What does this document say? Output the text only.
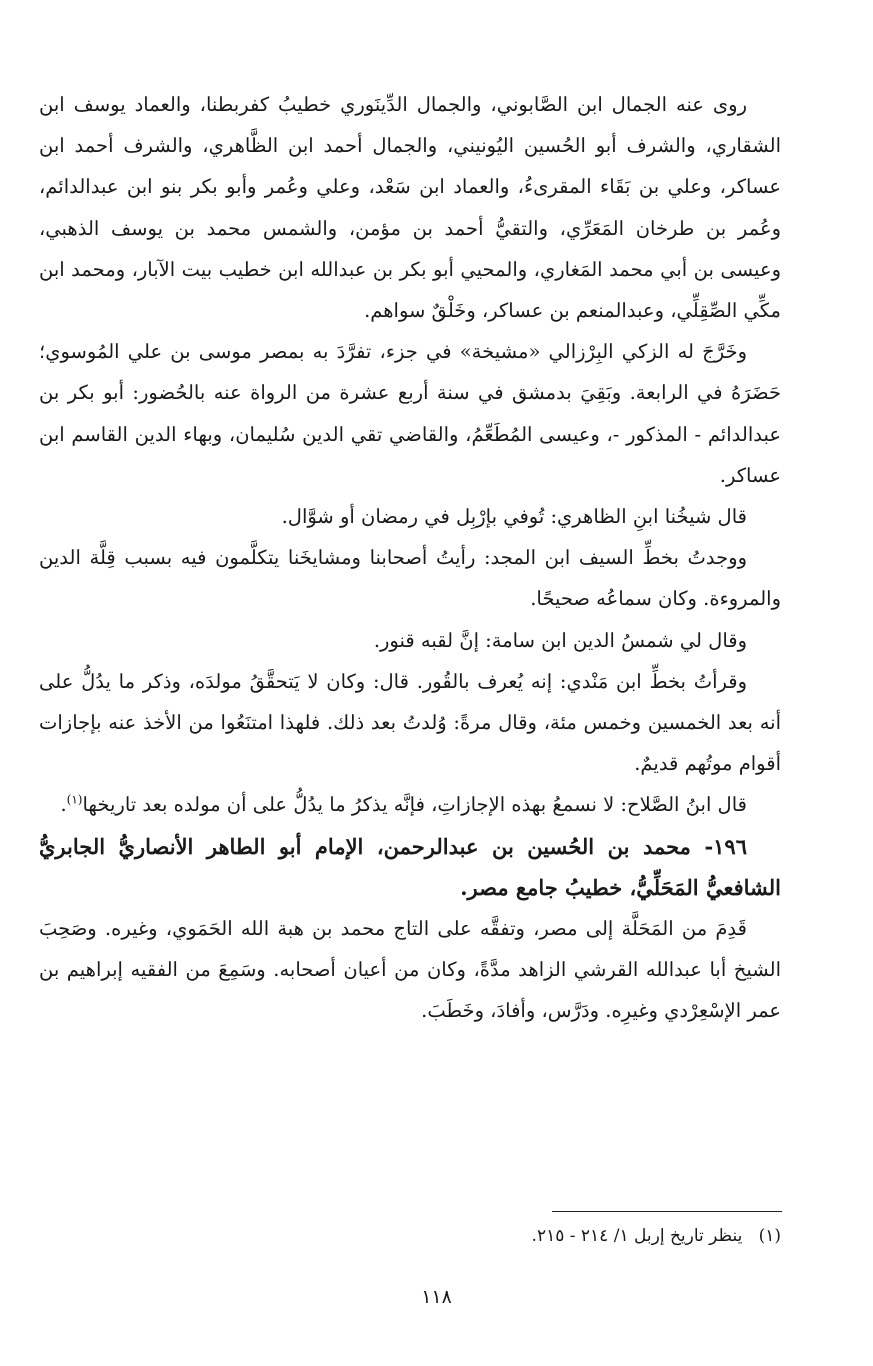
روى عنه الجمال ابن الصَّابوني، والجمال الدِّينَوري خطيبُ كفربطنا، والعماد يوسف ابن الشقاري، والشرف أبو الحُسين اليُونيني، والجمال أحمد ابن الظَّاهري، والشرف أحمد ابن عساكر، وعلي بن بَقَاء المقرىءُ، والعماد ابن سَعْد، وعلي وعُمر وأبو بكر بنو ابن عبدالدائم، وعُمر بن طرخان المَعَرِّي، والتقيُّ أحمد بن مؤمن، والشمس محمد بن يوسف الذهبي، وعيسى بن أبي محمد المَغاري، والمحيي أبو بكر بن عبدالله ابن خطيب بيت الآبار، ومحمد ابن مكِّي الصِّقِلِّي، وعبدالمنعم بن عساكر، وخَلْقٌ سواهم.

وخَرَّجَ له الزكي البِرْزالي «مشيخة» في جزء، تفرَّدَ به بمصر موسى بن علي المُوسوي؛ حَضَرَهُ في الرابعة. وبَقِيَ بدمشق في سنة أربع عشرة من الرواة عنه بالحُضور: أبو بكر بن عبدالدائم - المذكور -، وعيسى المُطَعِّمُ، والقاضي تقي الدين سُليمان، وبهاء الدين القاسم ابن عساكر.

قال شيخُنا ابنِ الظاهري: تُوفي بإرْبِل في رمضان أو شوَّال.

ووجدتُ بخطِّ السيف ابن المجد: رأيتُ أصحابنا ومشايخَنا يتكلَّمون فيه بسبب قِلَّة الدين والمروءة. وكان سماعُه صحيحًا.

وقال لي شمسُ الدين ابن سامة: إنَّ لقبه قنور.

وقرأتُ بخطِّ ابن مَنْدي: إنه يُعرف بالقُور. قال: وكان لا يَتحقَّقُ مولدَه، وذكر ما يدُلُّ على أنه بعد الخمسين وخمس مئة، وقال مرةً: وُلدتُ بعد ذلك. فلهذا امتنَعُوا من الأخذ عنه بإجازات أقوام موتُهم قديمٌ.

قال ابنُ الصَّلاح: لا نسمعُ بهذه الإجازاتِ، فإنَّه يذكرُ ما يدُلُّ على أن مولده بعد تاريخها$^{(١)}$.

١٩٦- محمد بن الحُسين بن عبدالرحمن، الإمام أبو الطاهر الأنصاريُّ الجابريُّ الشافعيُّ المَحَلِّيُّ، خطيبُ جامع مصر.

قَدِمَ من المَحَلَّة إلى مصر، وتفقَّه على التاج محمد بن هبة الله الحَمَوي، وغيره. وصَحِبَ الشيخ أبا عبدالله القرشي الزاهد مدَّةً، وكان من أعيان أصحابه. وسَمِعَ من الفقيه إبراهيم بن عمر الإسْعِرْدي وغيرِه. ودَرَّس، وأفادَ، وخَطَبَ.

(١)   ينظر تاريخ إربل ١/ ٢١٤ - ٢١٥.
١١٨
